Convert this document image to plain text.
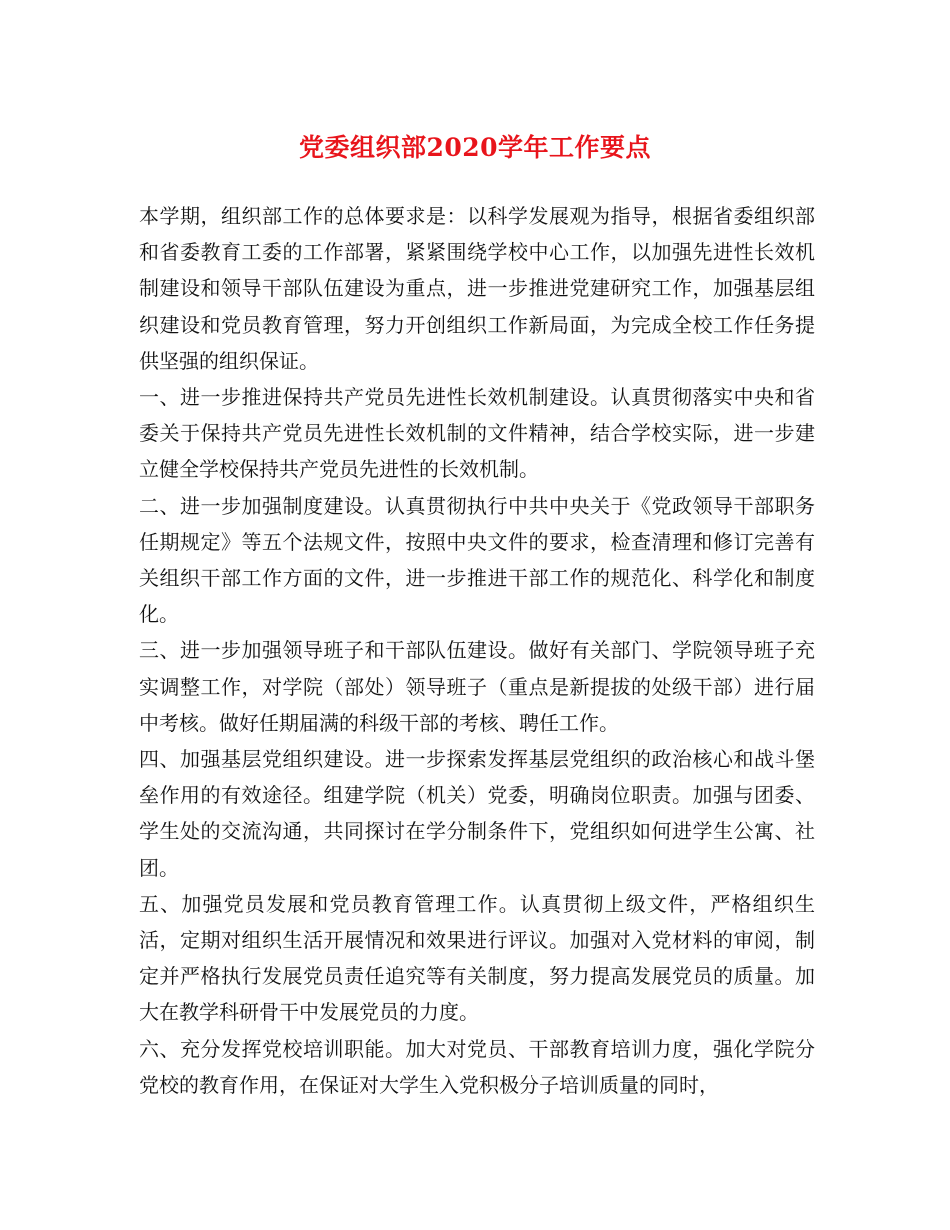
党委组织部2020学年工作要点

本学期，组织部工作的总体要求是：以科学发展观为指导，根据省委组织部和省委教育工委的工作部署，紧紧围绕学校中心工作，以加强先进性长效机制建设和领导干部队伍建设为重点，进一步推进党建研究工作，加强基层组织建设和党员教育管理，努力开创组织工作新局面，为完成全校工作任务提供坚强的组织保证。

一、进一步推进保持共产党员先进性长效机制建设。认真贯彻落实中央和省委关于保持共产党员先进性长效机制的文件精神，结合学校实际，进一步建立健全学校保持共产党员先进性的长效机制。

二、进一步加强制度建设。认真贯彻执行中共中央关于《党政领导干部职务任期规定》等五个法规文件，按照中央文件的要求，检查清理和修订完善有关组织干部工作方面的文件，进一步推进干部工作的规范化、科学化和制度化。

三、进一步加强领导班子和干部队伍建设。做好有关部门、学院领导班子充实调整工作，对学院（部处）领导班子（重点是新提拔的处级干部）进行届中考核。做好任期届满的科级干部的考核、聘任工作。

四、加强基层党组织建设。进一步探索发挥基层党组织的政治核心和战斗堡垒作用的有效途径。组建学院（机关）党委，明确岗位职责。加强与团委、学生处的交流沟通，共同探讨在学分制条件下，党组织如何进学生公寓、社团。

五、加强党员发展和党员教育管理工作。认真贯彻上级文件，严格组织生活，定期对组织生活开展情况和效果进行评议。加强对入党材料的审阅，制定并严格执行发展党员责任追究等有关制度，努力提高发展党员的质量。加大在教学科研骨干中发展党员的力度。

六、充分发挥党校培训职能。加大对党员、干部教育培训力度，强化学院分党校的教育作用，在保证对大学生入党积极分子培训质量的同时，
